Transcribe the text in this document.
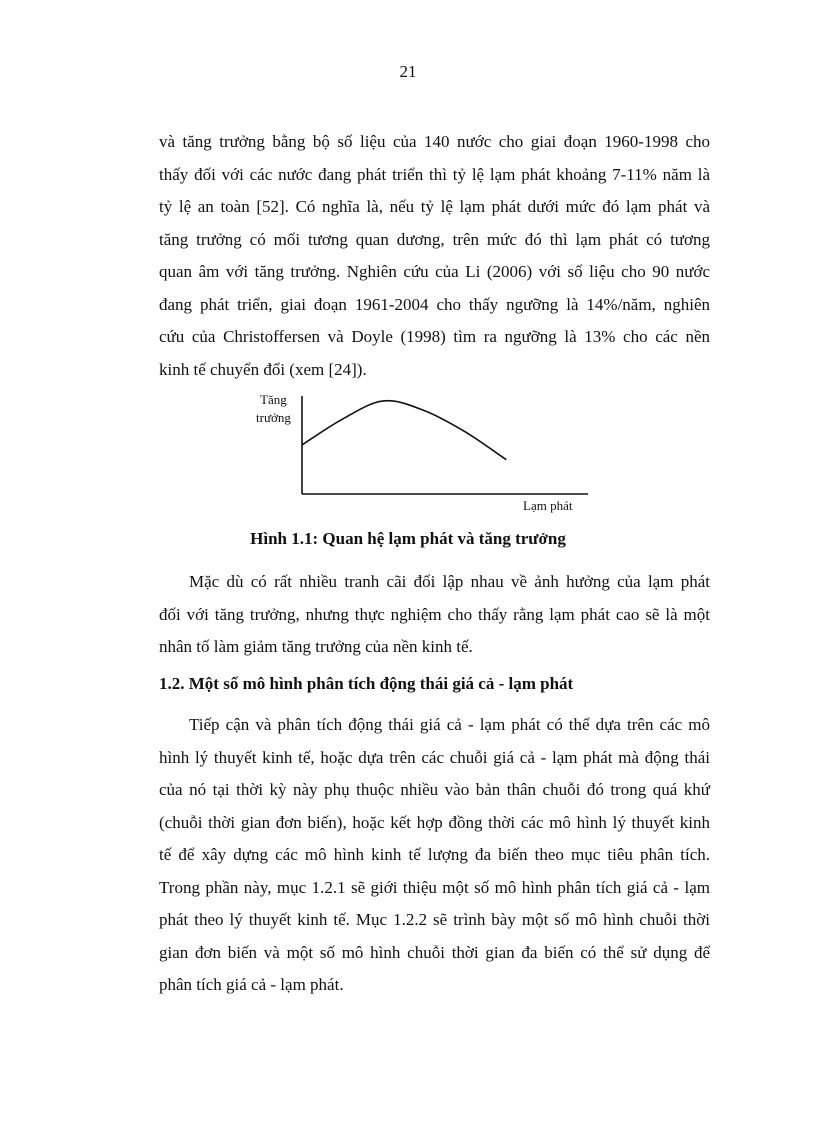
21
và tăng trưởng bằng bộ số liệu của 140 nước cho giai đoạn 1960-1998 cho
thấy đối với các nước đang phát triển thì tỷ lệ lạm phát khoảng 7-11% năm là
tỷ lệ an toàn [52]. Có nghĩa là, nếu tỷ lệ lạm phát dưới mức đó lạm phát và
tăng trưởng có mối tương quan dương, trên mức đó thì lạm phát có tương
quan âm với tăng trưởng. Nghiên cứu của Li (2006) với số liệu cho 90 nước
đang phát triển, giai đoạn 1961-2004 cho thấy ngưỡng là 14%/năm, nghiên
cứu của Christoffersen và Doyle (1998) tìm ra ngưỡng là 13% cho các nền
kinh tế chuyển đổi (xem [24]).
Tăng
trưởng
Lạm phát
Hình 1.1: Quan hệ lạm phát và tăng trưởng
Mặc dù có rất nhiều tranh cãi đối lập nhau về ảnh hưởng của lạm phát
đối với tăng trưởng, nhưng thực nghiệm cho thấy rằng lạm phát cao sẽ là một
nhân tố làm giảm tăng trưởng của nền kinh tế.
1.2. Một số mô hình phân tích động thái giá cả - lạm phát
Tiếp cận và phân tích động thái giá cả - lạm phát có thể dựa trên các mô
hình lý thuyết kinh tế, hoặc dựa trên các chuỗi giá cả - lạm phát mà động thái
của nó tại thời kỳ này phụ thuộc nhiều vào bản thân chuỗi đó trong quá khứ
(chuỗi thời gian đơn biến), hoặc kết hợp đồng thời các mô hình lý thuyết kinh
tế để xây dựng các mô hình kinh tế lượng đa biến theo mục tiêu phân tích.
Trong phần này, mục 1.2.1 sẽ giới thiệu một số mô hình phân tích giá cả - lạm
phát theo lý thuyết kinh tế. Mục 1.2.2 sẽ trình bày một số mô hình chuỗi thời
gian đơn biến và một số mô hình chuỗi thời gian đa biến có thể sử dụng để
phân tích giá cả - lạm phát.
